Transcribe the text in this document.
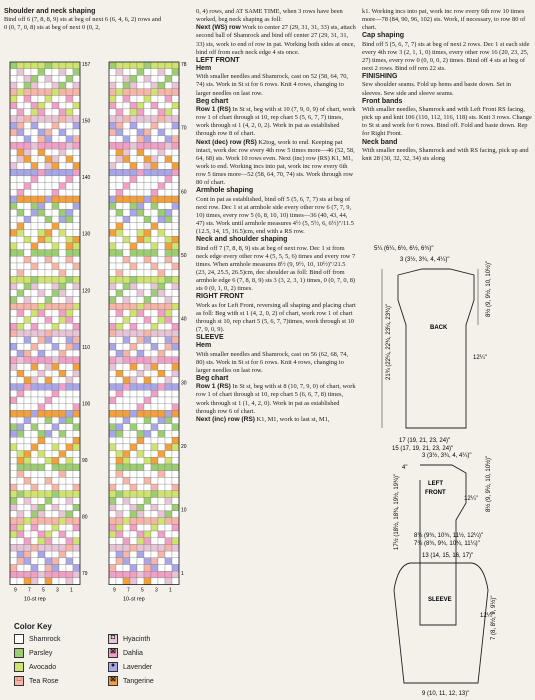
Shoulder and neck shaping

Bind off 6 (7, 8, 8, 9) sts at beg of next 6 (6, 4, 6, 2) rows and 0 (0, 7, 0, 8) sts at beg of next 0 (0, 2,

157
150
140
130
120
110
100
90
80
79
9 7 5 3 1
10-st rep
78
70
60
50
40
30
20
10
1
9 7 5 3 1
10-st rep

0, 4) rows, and AT SAME TIME, when 3 rows have been worked, beg neck shaping as foll:

Next (WS) row Work to center 27 (29, 31, 31, 33) sts, attach second ball of Shamrock and bind off center 27 (29, 31, 31, 33) sts, work to end of row in pat. Working both sides at once, bind off from each neck edge 4 sts once.

LEFT FRONT

Hem

With smaller needles and Shamrock, cast on 52 (58, 64, 70, 74) sts. Work in St st for 6 rows. Knit 4 rows, changing to larger needles on last row.

Beg chart

Row 1 (RS) In St st, beg with st 10 (7, 9, 0, 9) of chart, work row 1 of chart through st 10, rep chart 5 (5, 6, 7, 7) times, work through st 1 (4, 2, 0, 2). Work in pat as established through row 8 of chart.

Next (dec) row (RS) K2tog, work to end. Keeping pat intact, work dec row every 4th row 5 times more—46 (52, 58, 64, 68) sts. Work 10 rows even. Next (inc) row (RS) K1, M1, work to end. Working incs into pat, work inc row every 6th row 5 times more—52 (58, 64, 70, 74) sts. Work through row 80 of chart.

Armhole shaping

Cont in pat as established, bind off 5 (5, 6, 7, 7) sts at beg of next row. Dec 1 st at armhole side every other row 6 (7, 7, 9, 10) times, every row 5 (6, 8, 10, 10) times—36 (40, 43, 44, 47) sts. Work until armhole measures 4½ (5, 5½, 6, 6½)"/11.5 (12.5, 14, 15, 16.5)cm, end with a RS row.

Neck and shoulder shaping

Bind off 7 (7, 8, 8, 9) sts at beg of next row. Dec 1 st from neck edge every other row 4 (5, 5, 5, 6) times and every row 7 times. When armhole measures 8½ (9, 9½, 10, 10½)"/21.5 (23, 24, 25.5, 26.5)cm, dec shoulder as foll: Bind off from armhole edge 6 (7, 8, 8, 9) sts 3 (3, 2, 3, 1) times, 0 (0, 7, 0, 8) sts 0 (0, 1, 0, 2) times.

RIGHT FRONT

Work as for Left Front, reversing all shaping and placing chart as foll: Beg with st 1 (4, 2, 0, 2) of chart, work row 1 of chart through st 10, rep chart 5 (5, 6, 7, 7)times, work through st 10 (7, 9, 0, 9).

SLEEVE

Hem

With smaller needles and Shamrock, cast on 56 (62, 68, 74, 80) sts. Work in St st for 6 rows. Knit 4 rows, changing to larger needles on last row.

Beg chart

Row 1 (RS) In St st, beg with st 8 (10, 7, 9, 0) of chart, work row 1 of chart through st 10, rep chart 5 (6, 6, 7, 8) times, work through st 1 (1, 4, 2, 0). Work in pat as established through row 6 of chart.

Next (inc) row (RS) K1, M1, work to last st, M1,

k1. Working incs into pat, work inc row every 6th row 10 times more—78 (84, 90, 96, 102) sts. Work, if necessary, to row 80 of chart.

Cap shaping

Bind off 5 (5, 6, 7, 7) sts at beg of next 2 rows. Dec 1 st each side every 4th row 3 (2, 1, 1, 0) times, every other row 16 (20, 23, 25, 27) times, every row 0 (0, 0, 0, 2) times. Bind off 4 sts at beg of next 2 rows. Bind off rem 22 sts.

FINISHING

Sew shoulder seams. Fold up hems and baste down. Set in sleeves. Sew side and sleeve seams.

Front bands

With smaller needles, Shamrock and with Left Front RS facing, pick up and knit 106 (110, 112, 116, 118) sts. Knit 3 rows. Change to St st and work for 6 rows. Bind off. Fold and baste down. Rep for Right Front.

Neck band

With smaller needles, Shamrock and with RS facing, pick up and knit 28 (30, 32, 32, 34) sts along

BACK
3 (3½, 3¾, 4, 4¼)"
5¼ (6¼, 6½, 6½, 6¾)"
21¾ (22¼, 22¾, 23¼, 23¾)"
8½ (9, 9½, 10, 10½)"
12¼"
17 (19, 21, 23, 24)"
15 (17, 19, 21, 23, 24)"
LEFT
FRONT
3 (3½, 3¾, 4, 4¼)"
4"
17½ (18½, 18¾, 19½, 19¾)"	8½ (9, 9½, 10, 10½)"
12¼"
8¾ (9¾, 10¾, 11½, 12¼)"
7¾ (8¾, 9¾, 10¾, 11¼)"
13 (14, 15, 16, 17)"
SLEEVE	7 (8, 8½, 9, 9½)"
12¼"
9 (10, 11, 12, 13)"
Color Key
Shamrock	◘ Hyacinth
Parsley	⊠ Dahlia
Avocado	● Lavender
□ Tea Rose	⊠ Tangerine
